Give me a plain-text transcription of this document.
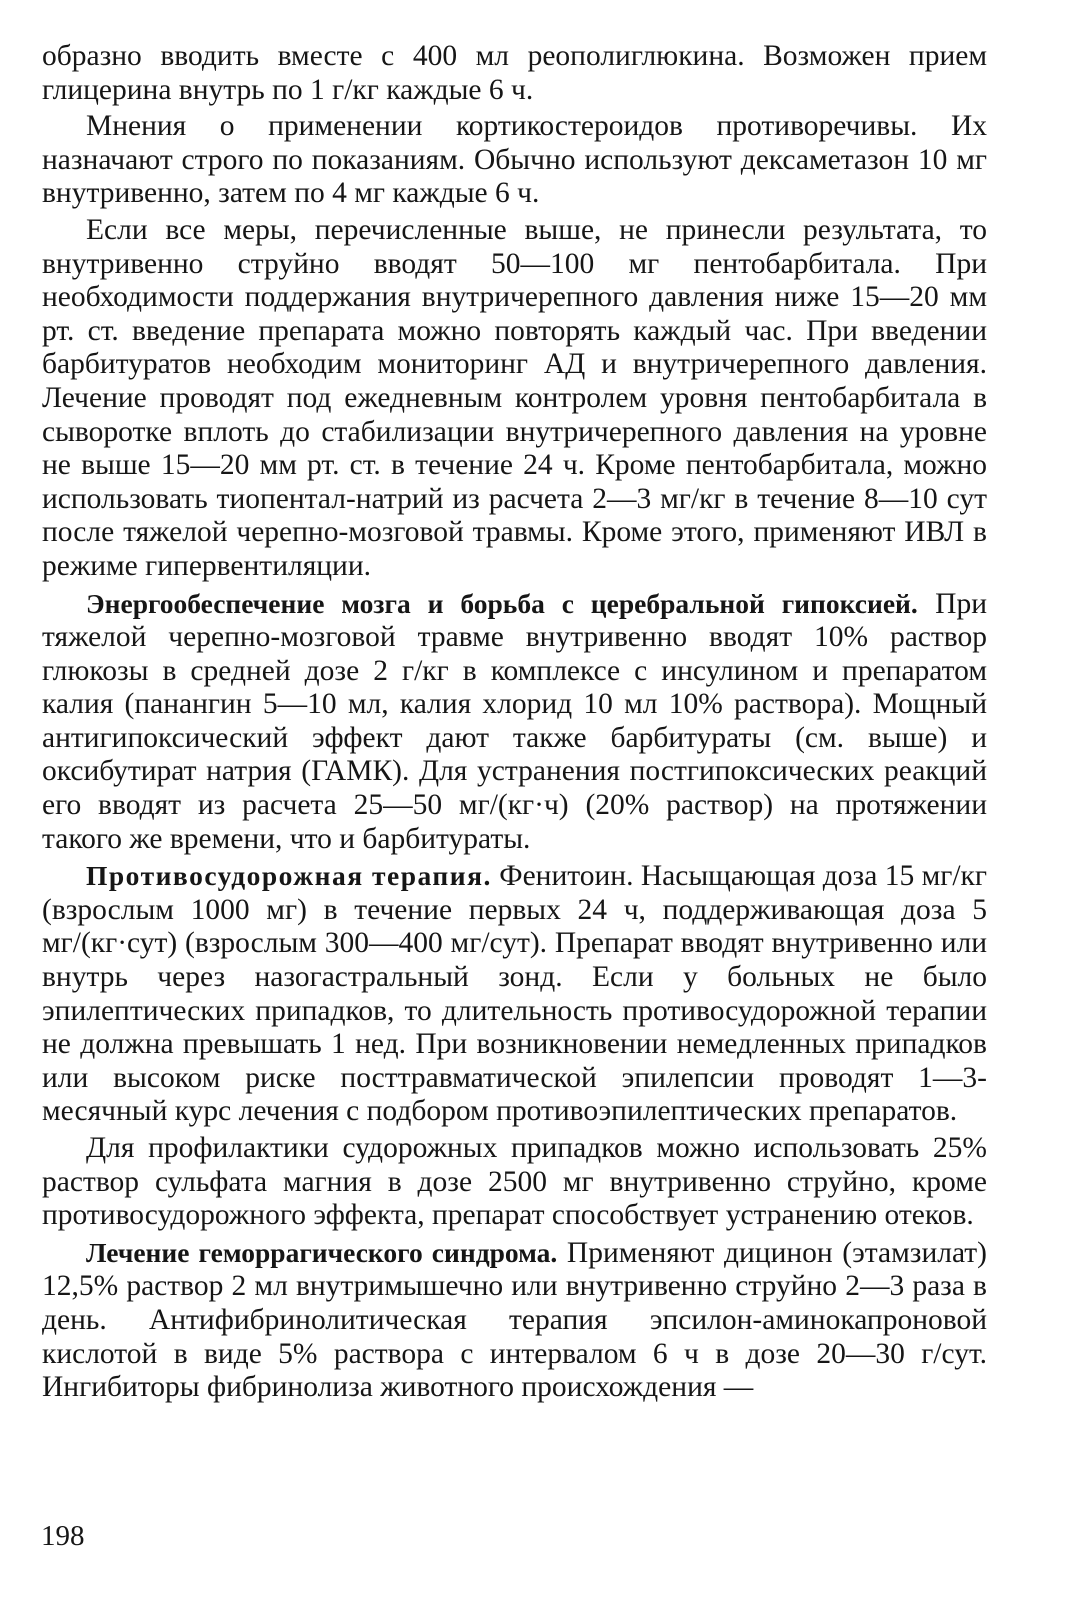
образно вводить вместе с 400 мл реополиглюкина. Возможен прием глицерина внутрь по 1 г/кг каждые 6 ч.

Мнения о применении кортикостероидов противоречивы. Их назначают строго по показаниям. Обычно используют дексаметазон 10 мг внутривенно, затем по 4 мг каждые 6 ч.

Если все меры, перечисленные выше, не принесли результата, то внутривенно струйно вводят 50—100 мг пентобарбитала. При необходимости поддержания внутричерепного давления ниже 15—20 мм рт. ст. введение препарата можно повторять каждый час. При введении барбитуратов необходим мониторинг АД и внутричерепного давления. Лечение проводят под ежедневным контролем уровня пентобарбитала в сыворотке вплоть до стабилизации внутричерепного давления на уровне не выше 15—20 мм рт. ст. в течение 24 ч. Кроме пентобарбитала, можно использовать тиопентал-натрий из расчета 2—3 мг/кг в течение 8—10 сут после тяжелой черепно-мозговой травмы. Кроме этого, применяют ИВЛ в режиме гипервентиляции.

Энергообеспечение мозга и борьба с церебральной гипоксией. При тяжелой черепно-мозговой травме внутривенно вводят 10% раствор глюкозы в средней дозе 2 г/кг в комплексе с инсулином и препаратом калия (панангин 5—10 мл, калия хлорид 10 мл 10% раствора). Мощный антигипоксический эффект дают также барбитураты (см. выше) и оксибутират натрия (ГАМК). Для устранения постгипоксических реакций его вводят из расчета 25—50 мг/(кг·ч) (20% раствор) на протяжении такого же времени, что и барбитураты.

Противосудорожная терапия. Фенитоин. Насыщающая доза 15 мг/кг (взрослым 1000 мг) в течение первых 24 ч, поддерживающая доза 5 мг/(кг·сут) (взрослым 300—400 мг/сут). Препарат вводят внутривенно или внутрь через назогастральный зонд. Если у больных не было эпилептических припадков, то длительность противосудорожной терапии не должна превышать 1 нед. При возникновении немедленных припадков или высоком риске посттравматической эпилепсии проводят 1—3-месячный курс лечения с подбором противоэпилептических препаратов.

Для профилактики судорожных припадков можно использовать 25% раствор сульфата магния в дозе 2500 мг внутривенно струйно, кроме противосудорожного эффекта, препарат способствует устранению отеков.

Лечение геморрагического синдрома. Применяют дицинон (этамзилат) 12,5% раствор 2 мл внутримышечно или внутривенно струйно 2—3 раза в день. Антифибринолитическая терапия эпсилон-аминокапроновой кислотой в виде 5% раствора с интервалом 6 ч в дозе 20—30 г/сут. Ингибиторы фибринолиза животного происхождения —

198
